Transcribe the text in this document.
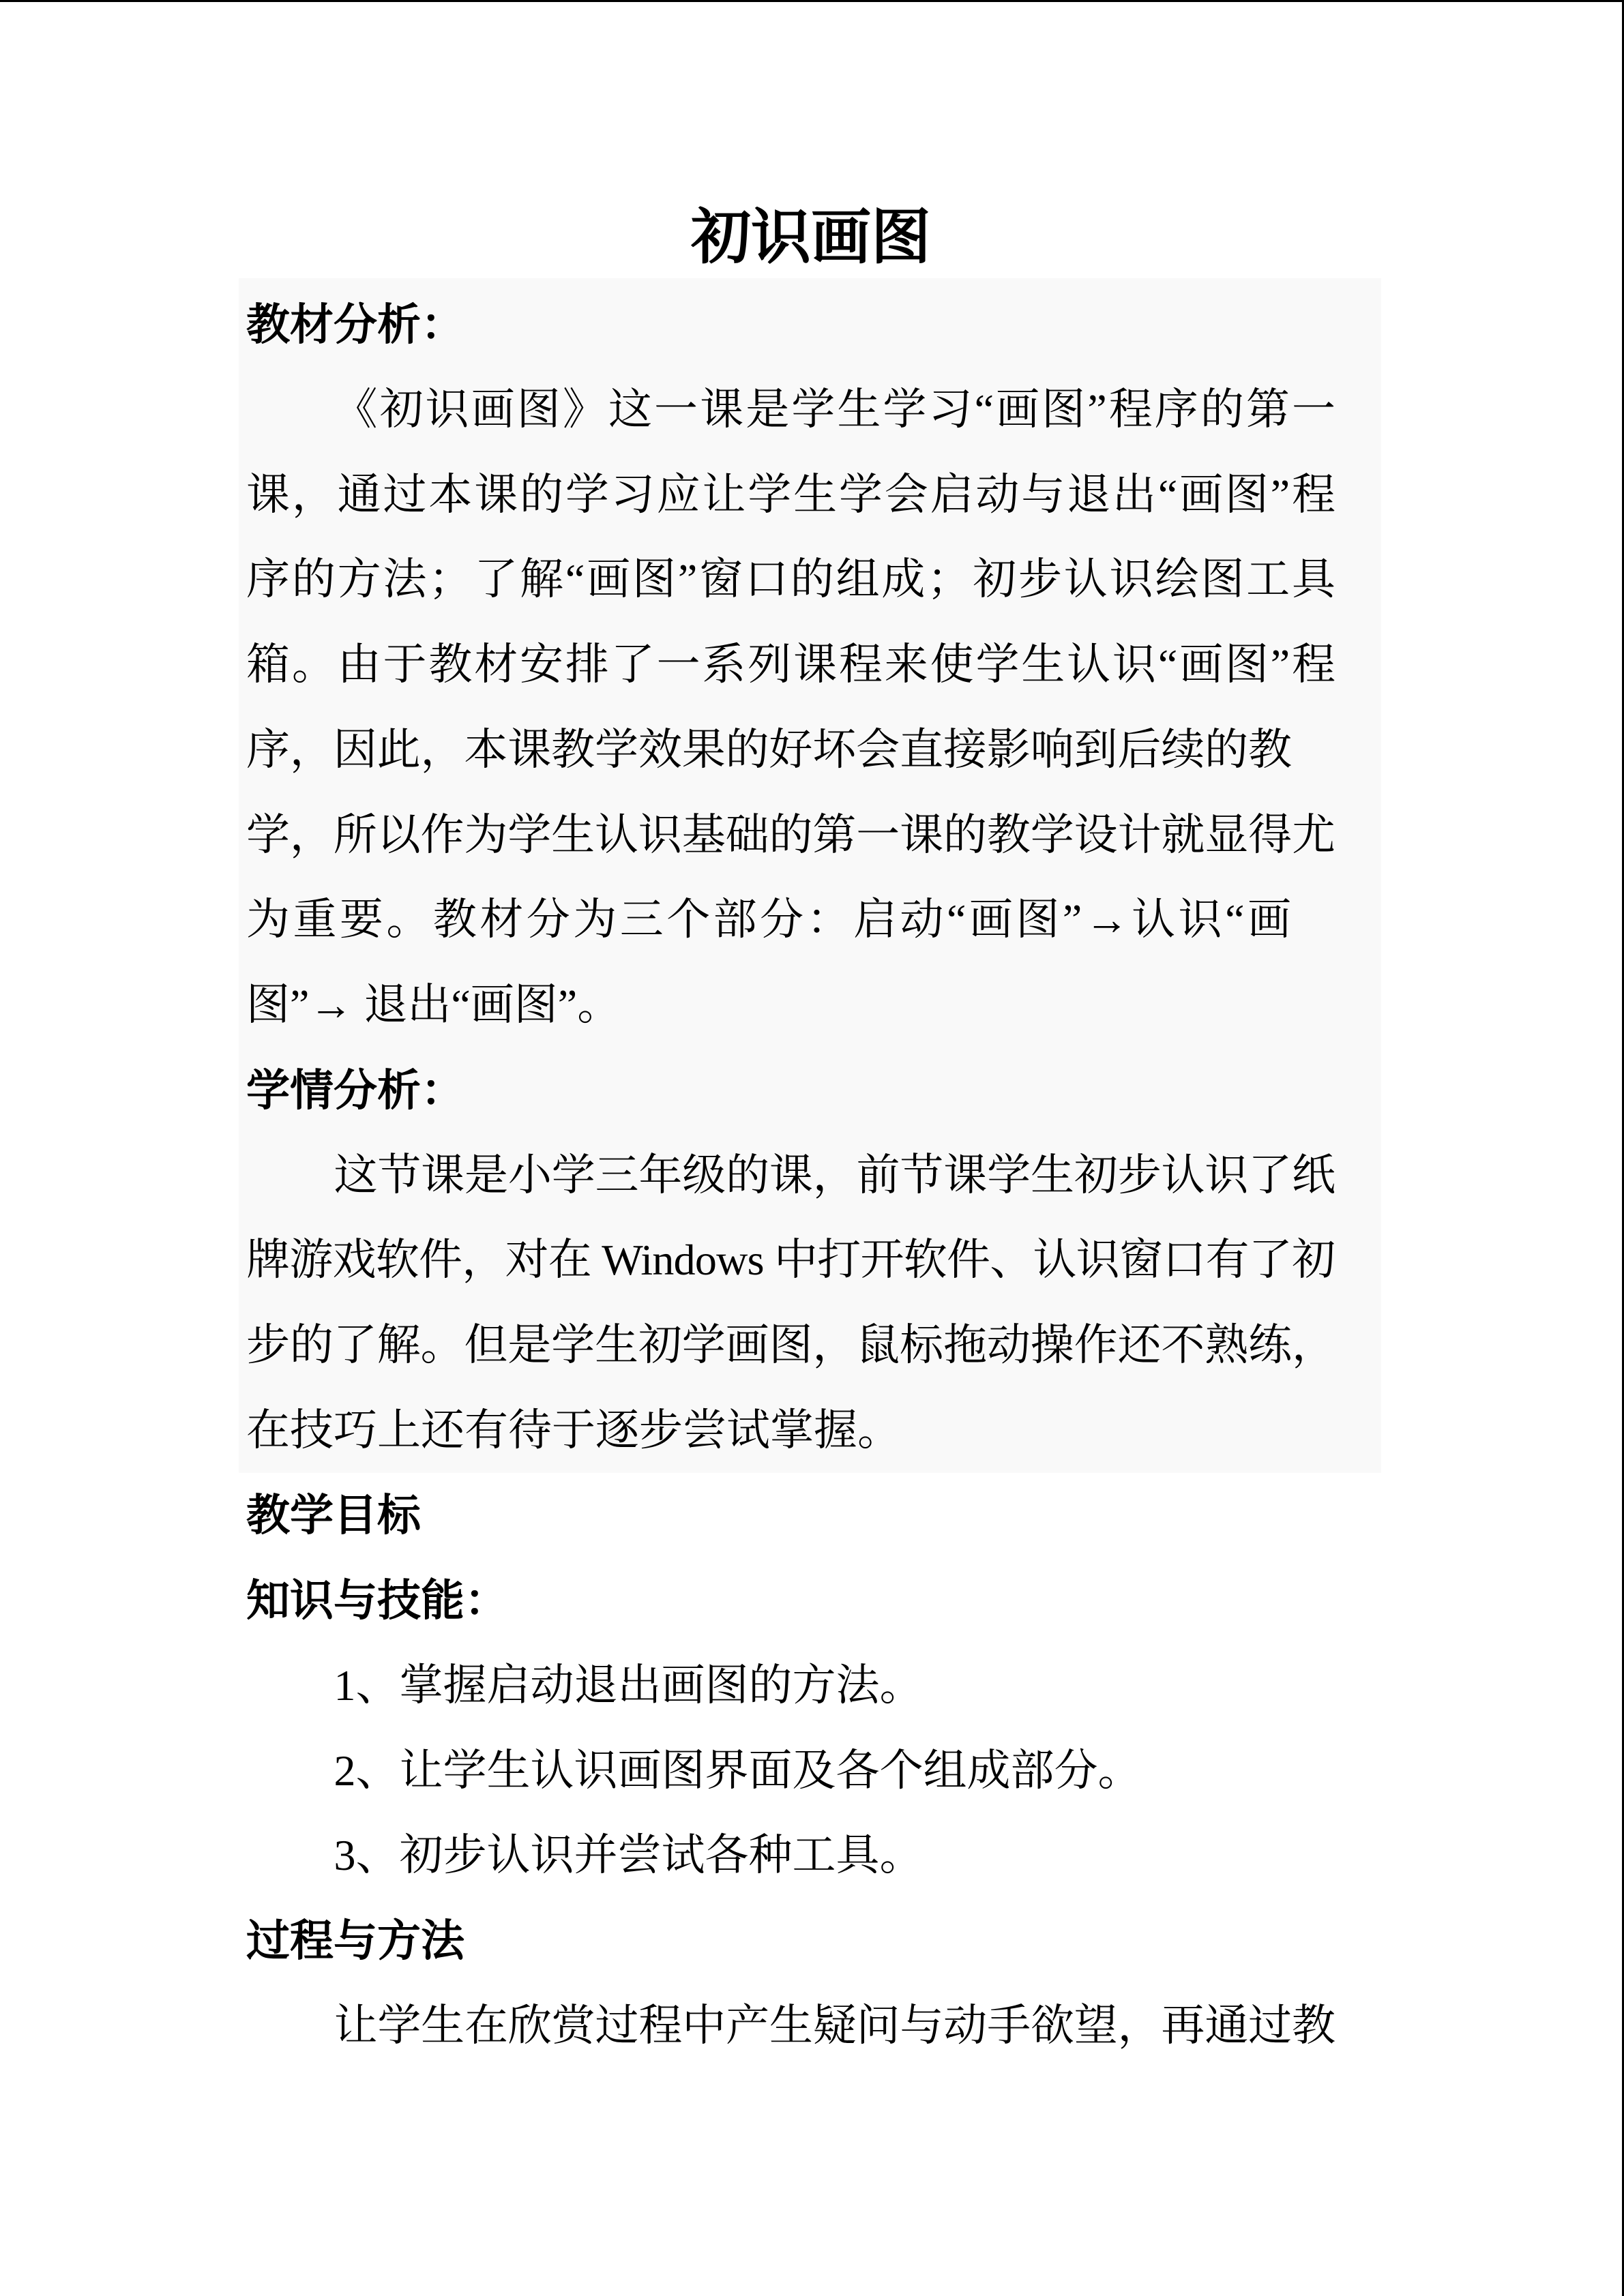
初识画图
教材分析：
《初识画图》这一课是学生学习“画图”程序的第一
课，通过本课的学习应让学生学会启动与退出“画图”程
序的方法；了解“画图”窗口的组成；初步认识绘图工具
箱。由于教材安排了一系列课程来使学生认识“画图”程
序，因此，本课教学效果的好坏会直接影响到后续的教
学，所以作为学生认识基础的第一课的教学设计就显得尤
为重要。教材分为三个部分：启动“画图”→认识“画
图”→ 退出“画图”。
学情分析：
这节课是小学三年级的课，前节课学生初步认识了纸
牌游戏软件，对在 Windows 中打开软件、认识窗口有了初
步的了解。但是学生初学画图，鼠标拖动操作还不熟练，
在技巧上还有待于逐步尝试掌握。
教学目标
知识与技能：
1、掌握启动退出画图的方法。
2、让学生认识画图界面及各个组成部分。
3、初步认识并尝试各种工具。
过程与方法
让学生在欣赏过程中产生疑问与动手欲望，再通过教
